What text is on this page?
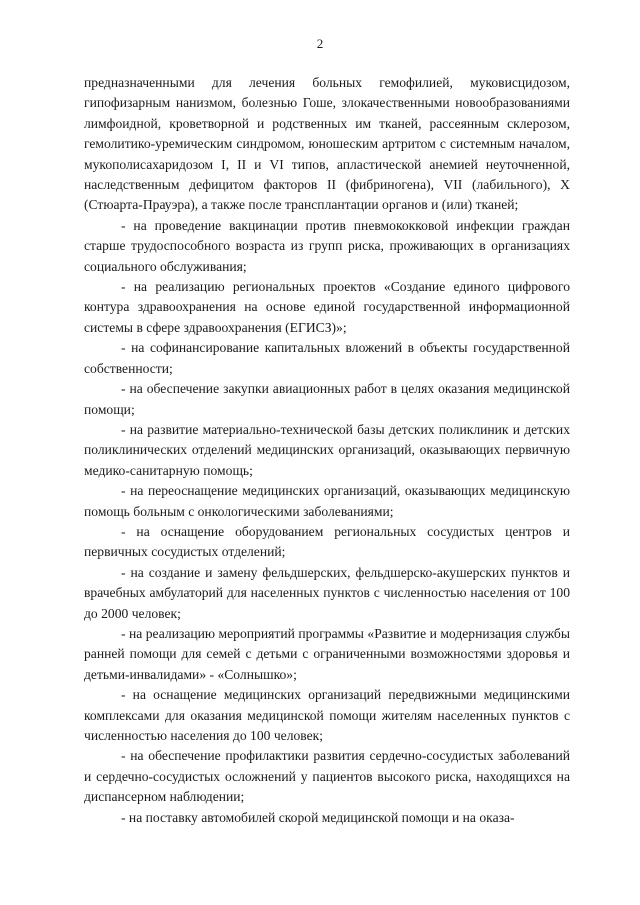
2

предназначенными для лечения больных гемофилией, муковисцидозом, гипофизарным нанизмом, болезнью Гоше, злокачественными новообразованиями лимфоидной, кроветворной и родственных им тканей, рассеянным склерозом, гемолитико-уремическим синдромом, юношеским артритом с системным началом, мукополисахаридозом I, II и VI типов, апластической анемией неуточненной, наследственным дефицитом факторов II (фибриногена), VII (лабильного), X (Стюарта-Прауэра), а также после трансплантации органов и (или) тканей;

- на проведение вакцинации против пневмококковой инфекции граждан старше трудоспособного возраста из групп риска, проживающих в организациях социального обслуживания;

- на реализацию региональных проектов «Создание единого цифрового контура здравоохранения на основе единой государственной информационной системы в сфере здравоохранения (ЕГИСЗ)»;

- на софинансирование капитальных вложений в объекты государственной собственности;

- на обеспечение закупки авиационных работ в целях оказания медицинской помощи;

- на развитие материально-технической базы детских поликлиник и детских поликлинических отделений медицинских организаций, оказывающих первичную медико-санитарную помощь;

- на переоснащение медицинских организаций, оказывающих медицинскую помощь больным с онкологическими заболеваниями;

- на оснащение оборудованием региональных сосудистых центров и первичных сосудистых отделений;

- на создание и замену фельдшерских, фельдшерско-акушерских пунктов и врачебных амбулаторий для населенных пунктов с численностью населения от 100 до 2000 человек;

- на реализацию мероприятий программы «Развитие и модернизация службы ранней помощи для семей с детьми с ограниченными возможностями здоровья и детьми-инвалидами» - «Солнышко»;

- на оснащение медицинских организаций передвижными медицинскими комплексами для оказания медицинской помощи жителям населенных пунктов с численностью населения до 100 человек;

- на обеспечение профилактики развития сердечно-сосудистых заболеваний и сердечно-сосудистых осложнений у пациентов высокого риска, находящихся на диспансерном наблюдении;

- на поставку автомобилей скорой медицинской помощи и на оказа-
